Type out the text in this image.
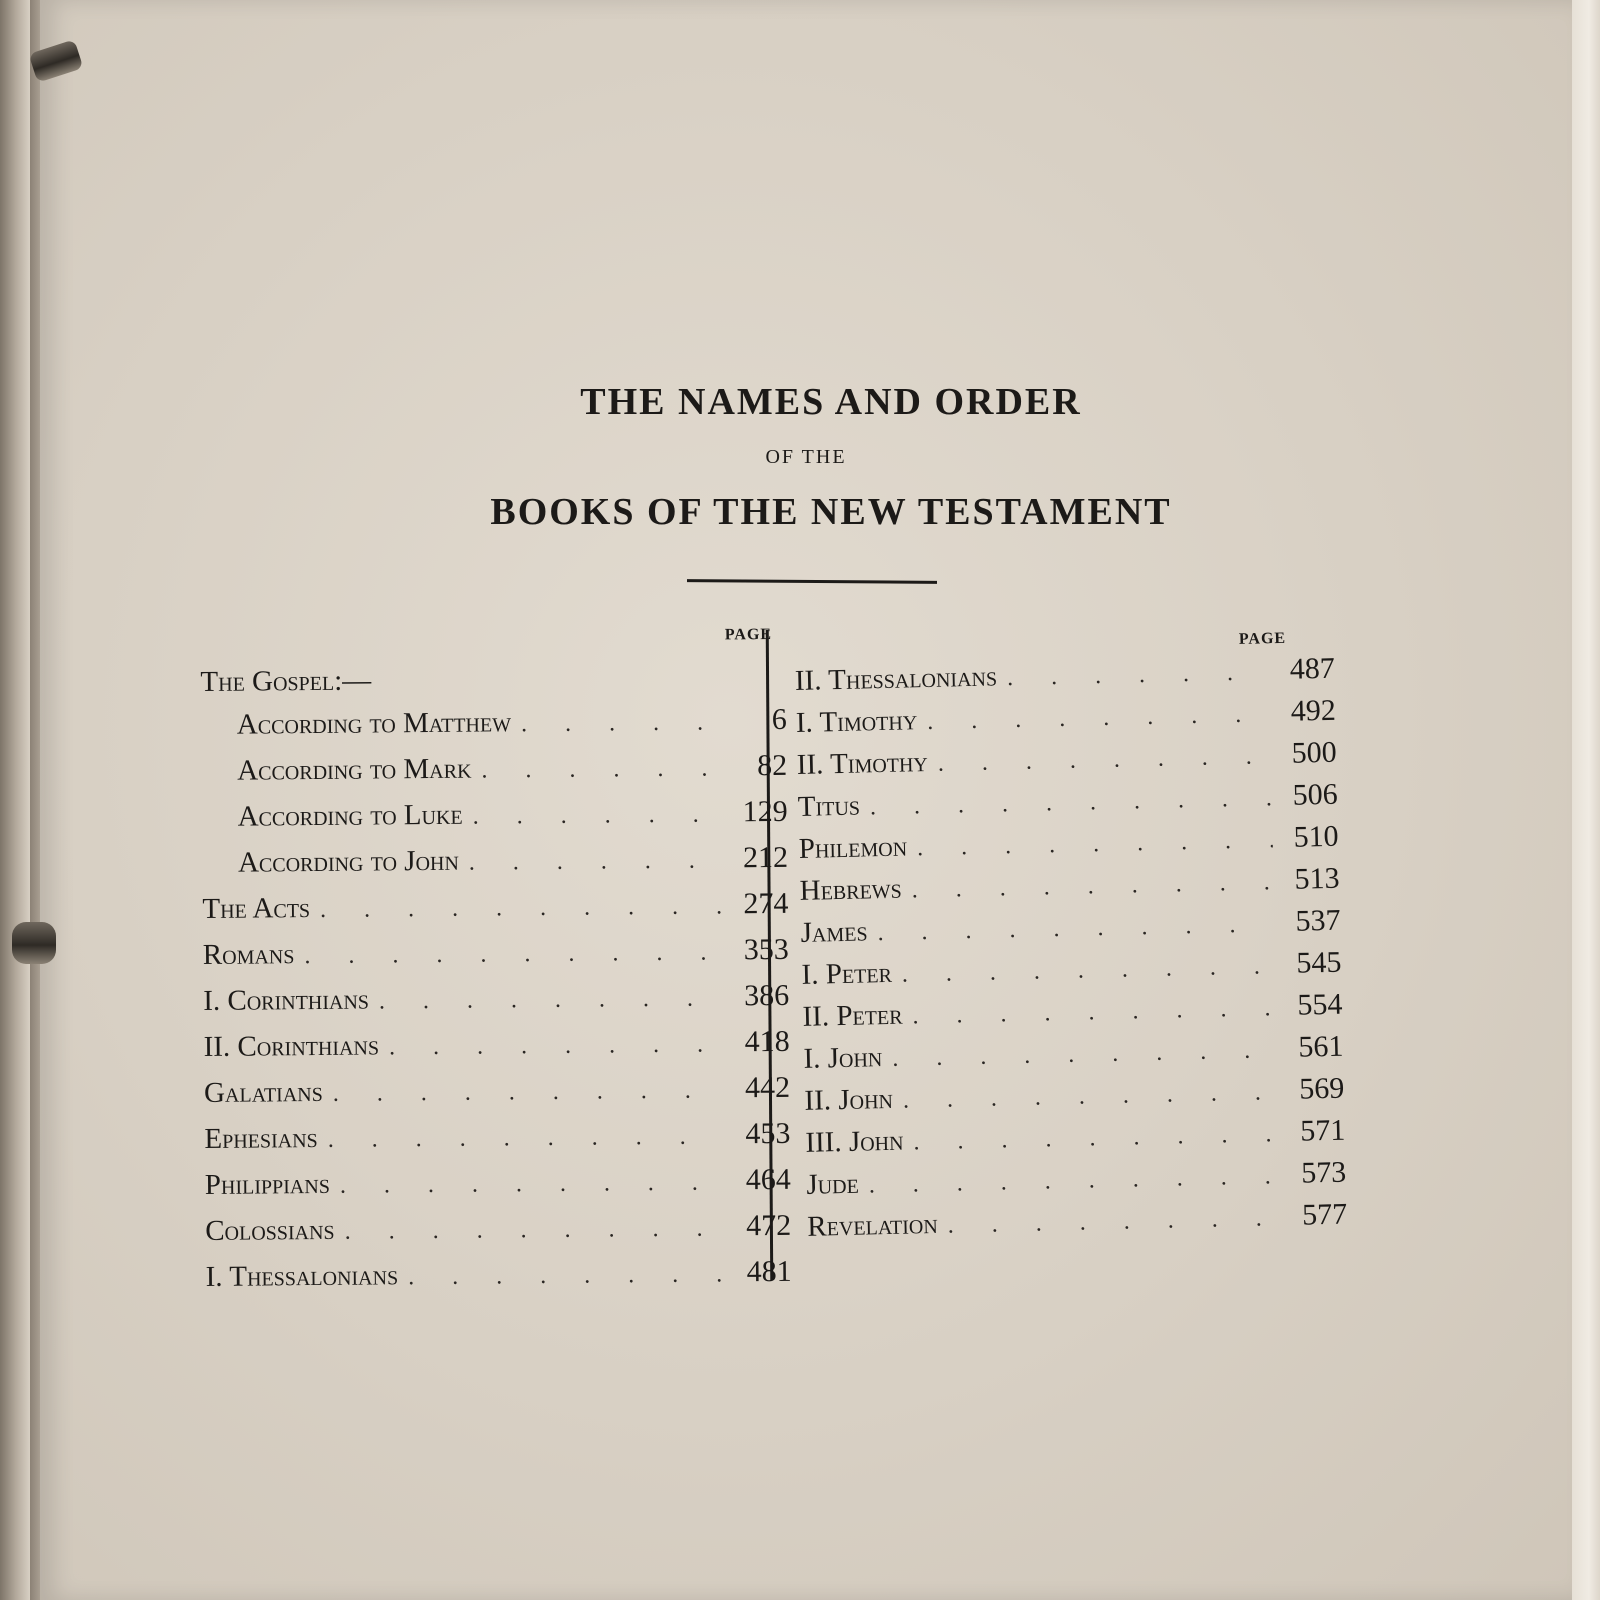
THE NAMES AND ORDER
OF THE
BOOKS OF THE NEW TESTAMENT
PAGE
The Gospel:—
According to Matthew . . .	6
According to Mark . . .	82
According to Luke . . .	129
According to John . . .	212
The Acts . . .	274
Romans . . .	353
I. Corinthians . . .	386
II. Corinthians . . .	418
Galatians . . .	442
Ephesians . . .	453
Philippians . . .	464
Colossians . . .	472
I. Thessalonians . . .	481
PAGE
II. Thessalonians . . .	487
I. Timothy . . .	492
II. Timothy . . .	500
Titus . . .	506
Philemon . . .	510
Hebrews . . .	513
James . . .	537
I. Peter . . .	545
II. Peter . . .	554
I. John . . .	561
II. John . . .	569
III. John . . .	571
Jude . . .	573
Revelation . . .	577
